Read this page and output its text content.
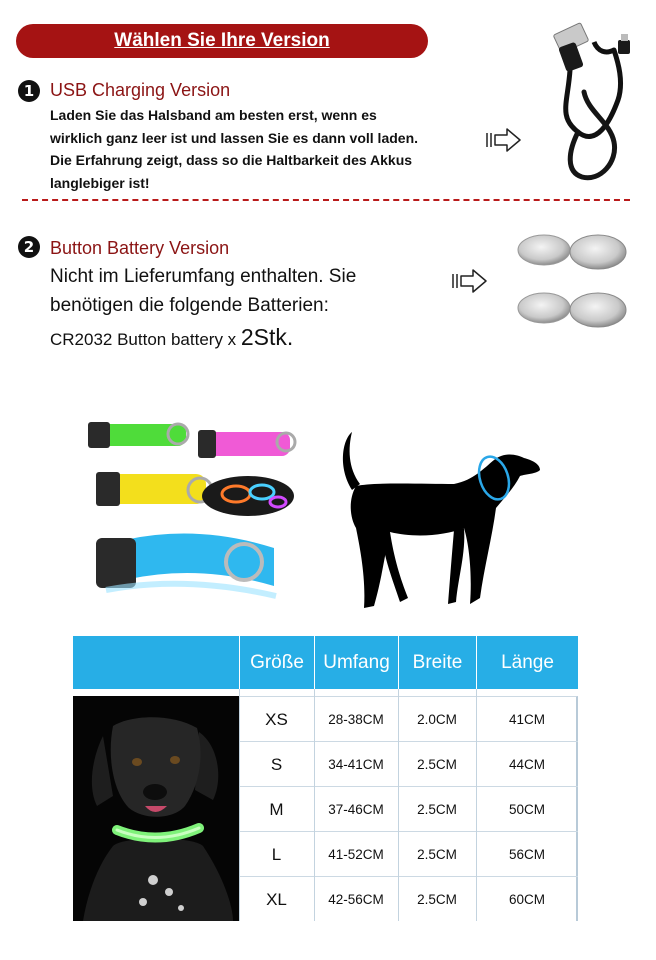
Wählen Sie Ihre Version
1 USB Charging Version
Laden Sie das Halsband am besten erst, wenn es
wirklich ganz leer ist und lassen Sie es dann voll laden.
Die Erfahrung zeigt, dass so die Haltbarkeit des Akkus
langlebiger ist!
2 Button Battery Version
Nicht im Lieferumfang enthalten. Sie
benötigen die folgende Batterien:
CR2032 Button battery x 2Stk.
Größe	Umfang	Breite	Länge
XS	28-38CM	2.0CM	41CM
S	34-41CM	2.5CM	44CM
M	37-46CM	2.5CM	50CM
L	41-52CM	2.5CM	56CM
XL	42-56CM	2.5CM	60CM
